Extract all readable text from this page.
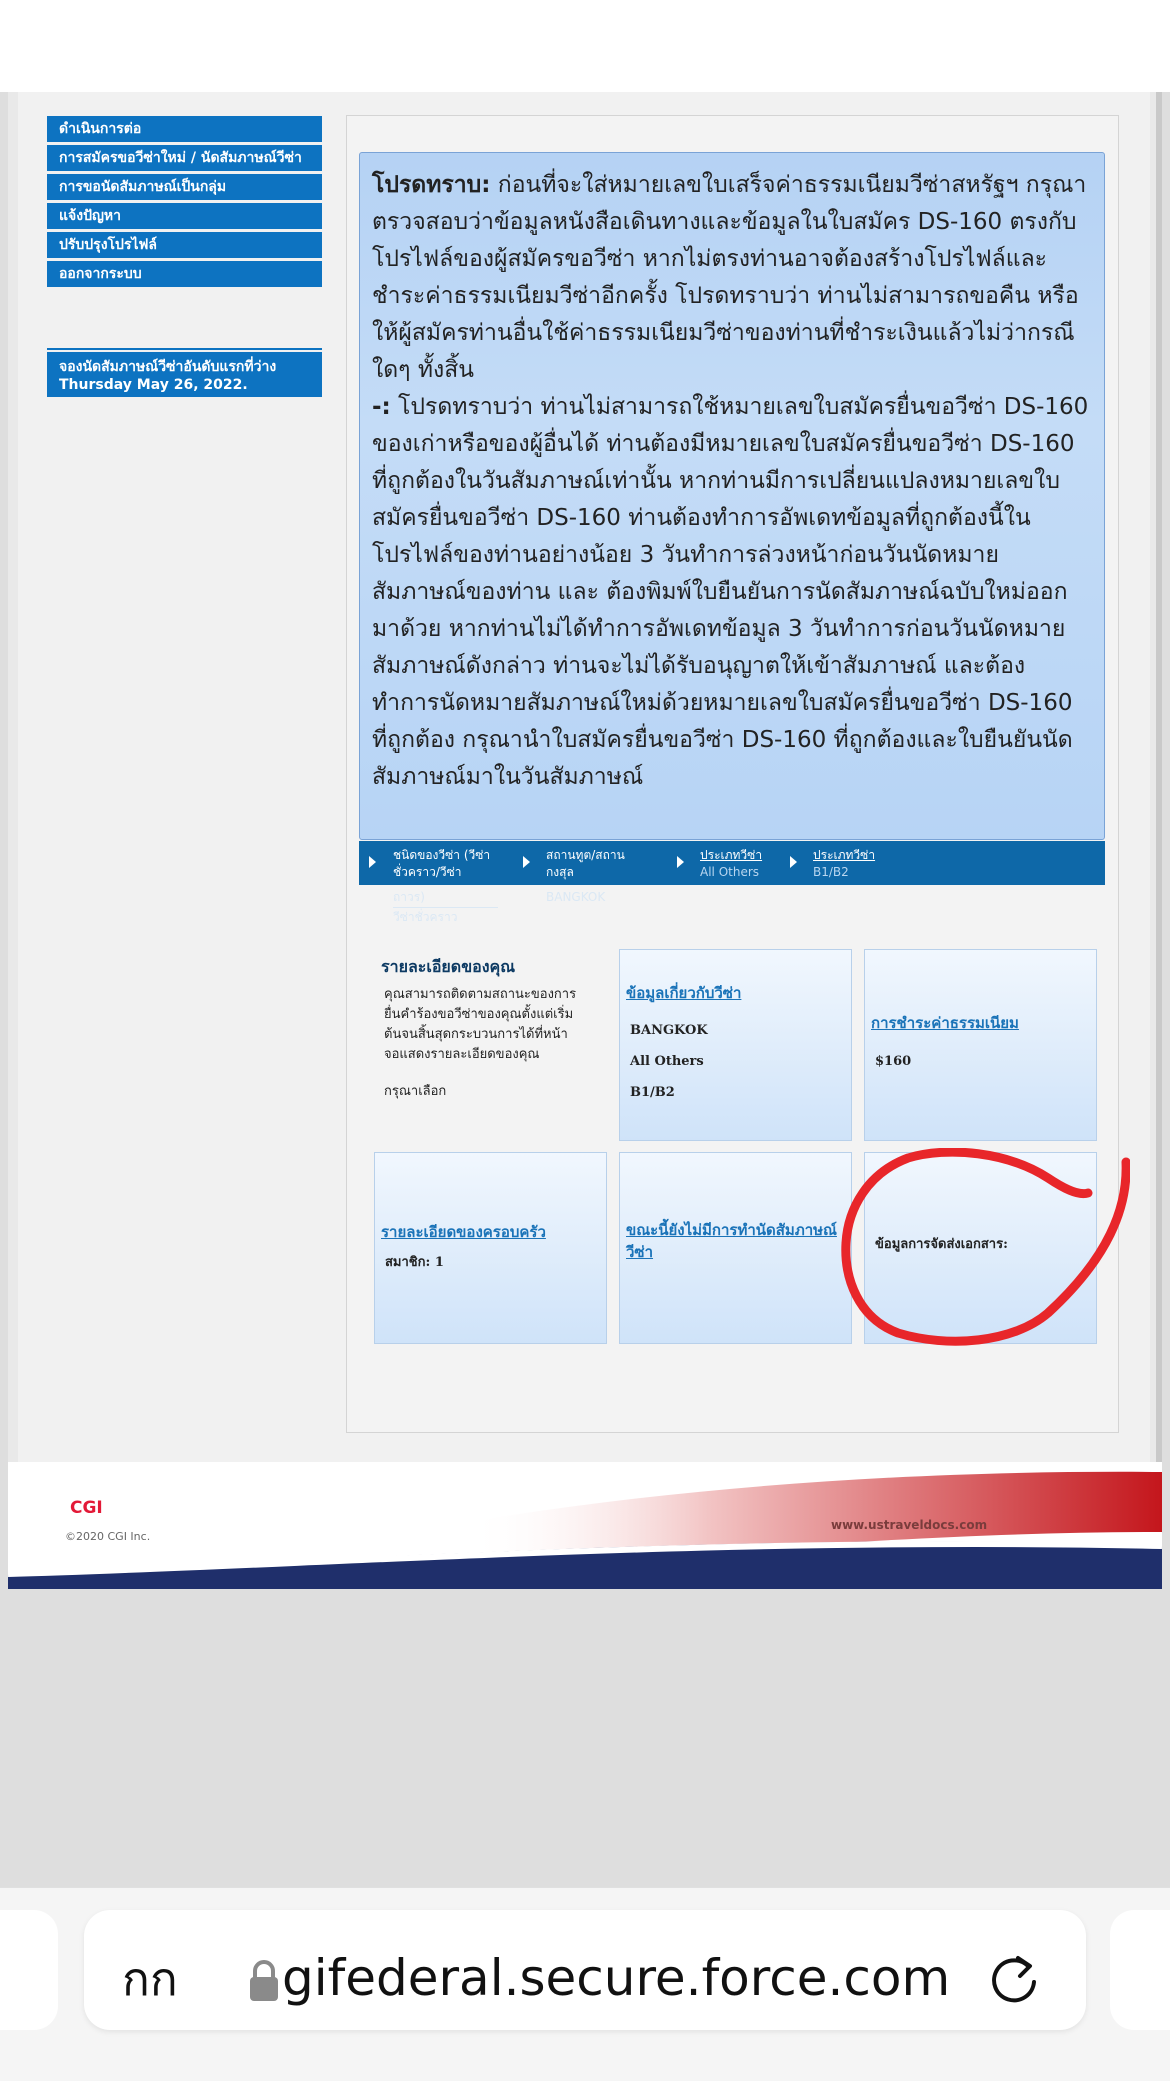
ดำเนินการต่อ
การสมัครขอวีซ่าใหม่ / นัดสัมภาษณ์วีซ่า
การขอนัดสัมภาษณ์เป็นกลุ่ม
แจ้งปัญหา
ปรับปรุงโปรไฟล์
ออกจากระบบ
จองนัดสัมภาษณ์วีซ่าอันดับแรกที่ว่าง
Thursday May 26, 2022.

โปรดทราบ: ก่อนที่จะใส่หมายเลขใบเสร็จค่าธรรมเนียมวีซ่าสหรัฐฯ กรุณาตรวจสอบว่าข้อมูลหนังสือเดินทางและข้อมูลในใบสมัคร DS-160 ตรงกับโปรไฟล์ของผู้สมัครขอวีซ่า หากไม่ตรงท่านอาจต้องสร้างโปรไฟล์และชำระค่าธรรมเนียมวีซ่าอีกครั้ง โปรดทราบว่า ท่านไม่สามารถขอคืน หรือ ให้ผู้สมัครท่านอื่นใช้ค่าธรรมเนียมวีซ่าของท่านที่ชำระเงินแล้วไม่ว่ากรณีใดๆ ทั้งสิ้น

-: โปรดทราบว่า ท่านไม่สามารถใช้หมายเลขใบสมัครยื่นขอวีซ่า DS-160 ของเก่าหรือของผู้อื่นได้ ท่านต้องมีหมายเลขใบสมัครยื่นขอวีซ่า DS-160 ที่ถูกต้องในวันสัมภาษณ์เท่านั้น หากท่านมีการเปลี่ยนแปลงหมายเลขใบสมัครยื่นขอวีซ่า DS-160 ท่านต้องทำการอัพเดทข้อมูลที่ถูกต้องนี้ในโปรไฟล์ของท่านอย่างน้อย 3 วันทำการล่วงหน้าก่อนวันนัดหมายสัมภาษณ์ของท่าน และ ต้องพิมพ์ใบยืนยันการนัดสัมภาษณ์ฉบับใหม่ออกมาด้วย หากท่านไม่ได้ทำการอัพเดทข้อมูล 3 วันทำการก่อนวันนัดหมายสัมภาษณ์ดังกล่าว ท่านจะไม่ได้รับอนุญาตให้เข้าสัมภาษณ์ และต้องทำการนัดหมายสัมภาษณ์ใหม่ด้วยหมายเลขใบสมัครยื่นขอวีซ่า DS-160 ที่ถูกต้อง กรุณานำใบสมัครยื่นขอวีซ่า DS-160 ที่ถูกต้องและใบยืนยันนัดสัมภาษณ์มาในวันสัมภาษณ์

ชนิดของวีซ่า (วีซ่า
ชั่วคราว/วีซ่า
สถานทูต/สถาน
กงสุล
ประเภทวีซ่า
All Others
ประเภทวีซ่า
B1/B2
ถาวร)
วีซ่าชั่วคราว
BANGKOK
รายละเอียดของคุณ
คุณสามารถติดตามสถานะของการยื่นคำร้องขอวีซ่าของคุณตั้งแต่เริ่มต้นจนสิ้นสุดกระบวนการได้ที่หน้าจอแสดงรายละเอียดของคุณ
กรุณาเลือก
ข้อมูลเกี่ยวกับวีซ่า
BANGKOK
All Others
B1/B2
การชำระค่าธรรมเนียม
$160
รายละเอียดของครอบครัว
สมาชิก: 1
ขณะนี้ยังไม่มีการทำนัดสัมภาษณ์วีซ่า	ข้อมูลการจัดส่งเอกสาร:
CGI
©2020 CGI Inc.
www.ustraveldocs.com
กก gifederal.secure.force.com
